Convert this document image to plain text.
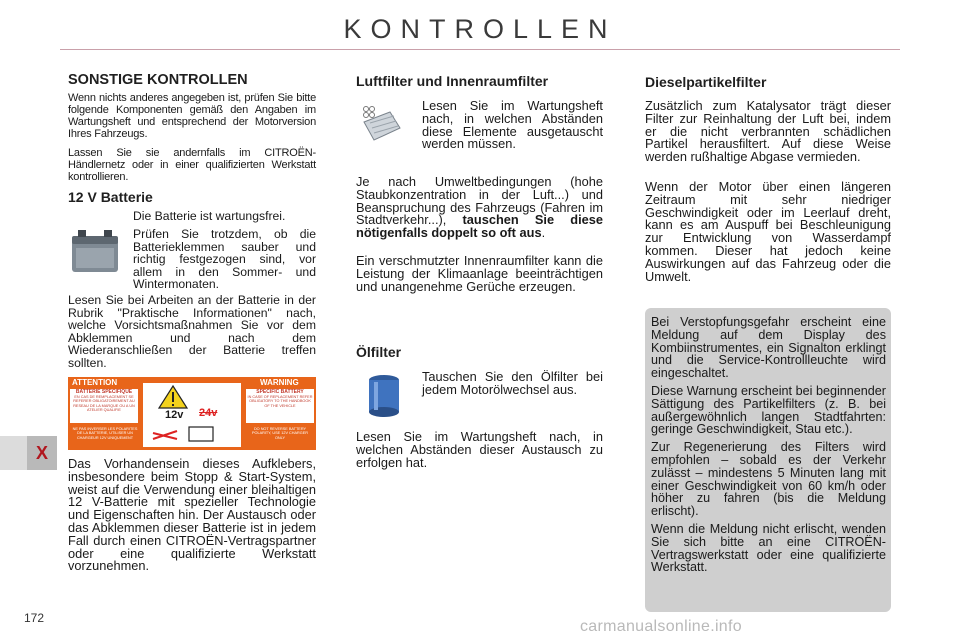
KONTROLLEN
SONSTIGE KONTROLLEN
Wenn nichts anderes angegeben ist, prüfen Sie bitte folgende Komponenten gemäß den Angaben im Wartungsheft und entsprechend der Motorversion Ihres Fahrzeugs.
Lassen Sie sie andernfalls im CITROËN-Händlernetz oder in einer qualifizierten Werkstatt kontrollieren.
12 V Batterie
Die Batterie ist wartungsfrei.
Prüfen Sie trotzdem, ob die Batterieklemmen sauber und richtig festgezogen sind, vor allem in den Sommer- und Wintermonaten.
Lesen Sie bei Arbeiten an der Batterie in der Rubrik "Praktische Informationen" nach, welche Vorsichtsmaßnahmen Sie vor dem Abklemmen und nach dem Wiederanschließen der Batterie treffen sollten.
ATTENTION	WARNING
BATTERIE SPECIFIQUE
EN CAS DE REMPLACEMENT SE REFERER OBLIGATOIREMENT AU RESEAU DE LA MARQUE OU A UN ATELIER QUALIFIE
SPECIFIC BATTERY
IN CASE OF REPLACEMENT REFER OBLIGATORY TO THE HANDBOOK OF THE VEHICLE
12v 24v
NE PAS INVERSER LES POLARITES DE LA BATTERIE, UTILISER UN CHARGEUR 12V UNIQUEMENT
DO NOT REVERSE BATTERY POLARITY, USE 12V CHARGER ONLY
Das Vorhandensein dieses Aufklebers, insbesondere beim Stopp & Start-System, weist auf die Verwendung einer bleihaltigen 12 V-Batterie mit spezieller Technologie und Eigenschaften hin. Der Austausch oder das Abklemmen dieser Batterie ist in jedem Fall durch einen CITROËN-Vertragspartner oder eine qualifizierte Werkstatt vorzunehmen.
Luftfilter und Innenraumfilter
Lesen Sie im Wartungsheft nach, in welchen Abständen diese Elemente ausgetauscht werden müssen.
Je nach Umweltbedingungen (hohe Staubkonzentration in der Luft...) und Beanspruchung des Fahrzeugs (Fahren im Stadtverkehr...), tauschen Sie diese nötigenfalls doppelt so oft aus.
Ein verschmutzter Innenraumfilter kann die Leistung der Klimaanlage beeinträchtigen und unangenehme Gerüche erzeugen.
Ölfilter
Tauschen Sie den Ölfilter bei jedem Motorölwechsel aus.
Lesen Sie im Wartungsheft nach, in welchen Abständen dieser Austausch zu erfolgen hat.
Dieselpartikelfilter
Zusätzlich zum Katalysator trägt dieser Filter zur Reinhaltung der Luft bei, indem er die nicht verbrannten schädlichen Partikel herausfiltert. Auf diese Weise werden rußhaltige Abgase vermieden.
Wenn der Motor über einen längeren Zeitraum mit sehr niedriger Geschwindigkeit oder im Leerlauf dreht, kann es am Auspuff bei Beschleunigung zur Entwicklung von Wasserdampf kommen. Dieser hat jedoch keine Auswirkungen auf das Fahrzeug oder die Umwelt.

Bei Verstopfungsgefahr erscheint eine Meldung auf dem Display des Kombiinstrumentes, ein Signalton erklingt und die Service-Kontrollleuchte wird eingeschaltet.

Diese Warnung erscheint bei beginnender Sättigung des Partikelfilters (z. B. bei außergewöhnlich langen Stadtfahrten: geringe Geschwindigkeit, Stau etc.).

Zur Regenerierung des Filters wird empfohlen – sobald es der Verkehr zulässt – mindestens 5 Minuten lang mit einer Geschwindigkeit von 60 km/h oder höher zu fahren (bis die Meldung erlischt).

Wenn die Meldung nicht erlischt, wenden Sie sich bitte an eine CITROËN-Vertragswerkstatt oder eine qualifizierte Werkstatt.

X
172	carmanualsonline.info
